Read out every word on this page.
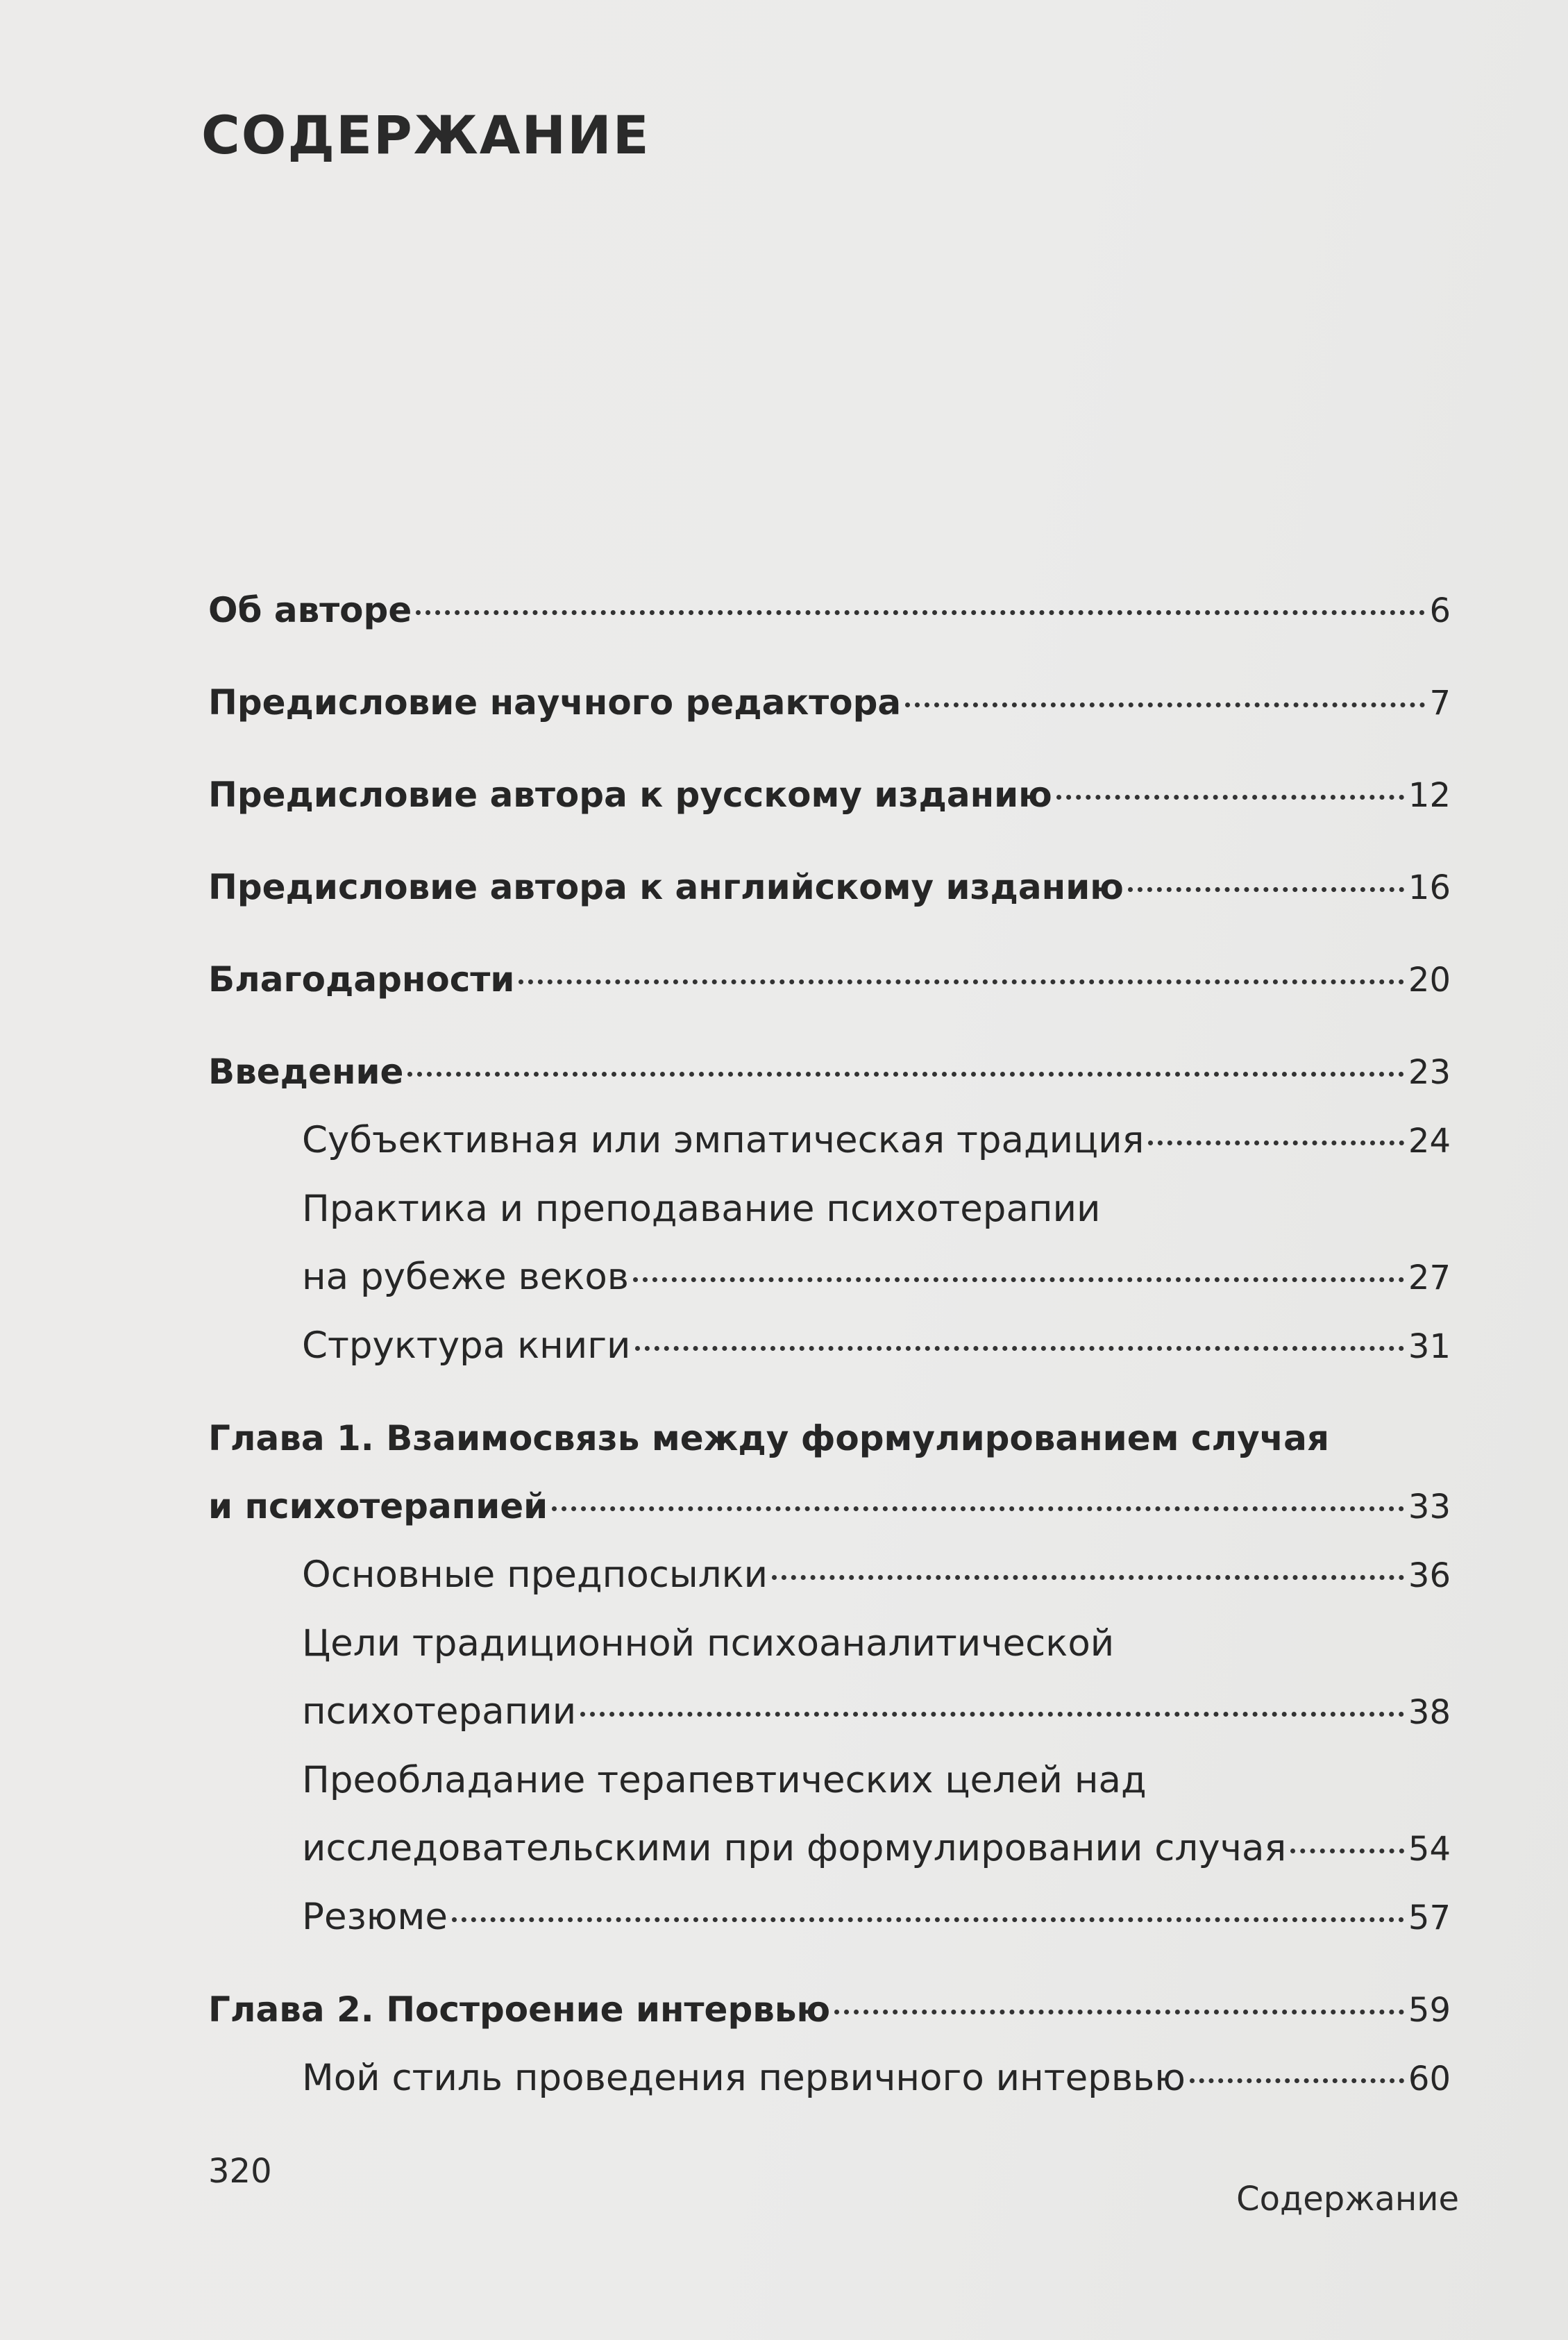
СОДЕРЖАНИЕ
Об авторе	6
Предисловие научного редактора	7
Предисловие автора к русскому изданию	12
Предисловие автора к английскому изданию	16
Благодарности	20
Введение	23
Субъективная или эмпатическая традиция	24
Практика и преподавание психотерапии
на рубеже веков	27
Структура книги	31
Глава 1. Взаимосвязь между формулированием случая
и психотерапией	33
Основные предпосылки	36
Цели традиционной психоаналитической
психотерапии	38
Преобладание терапевтических целей над
исследовательскими при формулировании случая	54
Резюме	57
Глава 2. Построение интервью	59
Мой стиль проведения первичного интервью	60
320
Содержание
